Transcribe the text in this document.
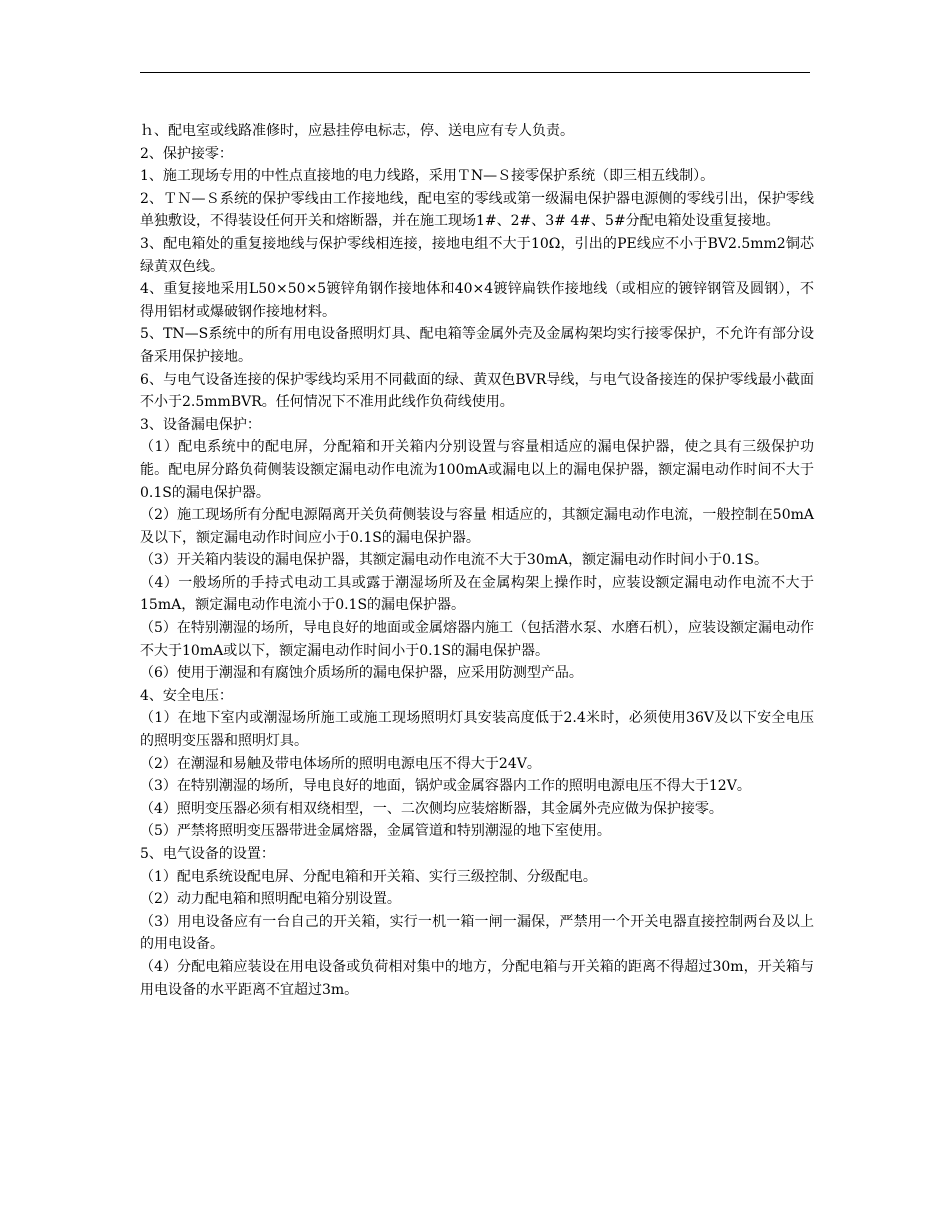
ｈ、配电室或线路准修时，应悬挂停电标志，停、送电应有专人负责。

2、保护接零：

1、施工现场专用的中性点直接地的电力线路，采用ＴN—Ｓ接零保护系统（即三相五线制）。

2、ＴＮ—Ｓ系统的保护零线由工作接地线，配电室的零线或第一级漏电保护器电源侧的零线引出，保护零线单独敷设，不得装设任何开关和熔断器，并在施工现场1#、2#、3# 4#、5#分配电箱处设重复接地。

3、配电箱处的重复接地线与保护零线相连接，接地电组不大于10Ω，引出的PE线应不小于BV2.5mm2铜芯绿黄双色线。

4、重复接地采用L50×50×5镀锌角钢作接地体和40×4镀锌扁铁作接地线（或相应的镀锌钢管及圆钢），不得用铝材或爆破钢作接地材料。

5、TN—S系统中的所有用电设备照明灯具、配电箱等金属外壳及金属构架均实行接零保护，不允许有部分设备采用保护接地。

6、与电气设备连接的保护零线均采用不同截面的绿、黄双色BVR导线，与电气设备接连的保护零线最小截面不小于2.5mmBVR。任何情况下不准用此线作负荷线使用。

3、设备漏电保护：

（1）配电系统中的配电屏，分配箱和开关箱内分别设置与容量相适应的漏电保护器，使之具有三级保护功能。配电屏分路负荷侧装设额定漏电动作电流为100mA或漏电以上的漏电保护器，额定漏电动作时间不大于0.1S的漏电保护器。

（2）施工现场所有分配电源隔离开关负荷侧装设与容量 相适应的，其额定漏电动作电流，一般控制在50mA及以下，额定漏电动作时间应小于0.1S的漏电保护器。

（3）开关箱内装设的漏电保护器，其额定漏电动作电流不大于30mA，额定漏电动作时间小于0.1S。

（4）一般场所的手持式电动工具或露于潮湿场所及在金属构架上操作时，应装设额定漏电动作电流不大于15mA，额定漏电动作电流小于0.1S的漏电保护器。

（5）在特别潮湿的场所，导电良好的地面或金属熔器内施工（包括潜水泵、水磨石机），应装设额定漏电动作不大于10mA或以下，额定漏电动作时间小于0.1S的漏电保护器。

（6）使用于潮湿和有腐蚀介质场所的漏电保护器，应采用防测型产品。

4、安全电压：

（1）在地下室内或潮湿场所施工或施工现场照明灯具安装高度低于2.4米时，必须使用36V及以下安全电压的照明变压器和照明灯具。

（2）在潮湿和易触及带电体场所的照明电源电压不得大于24V。

（3）在特别潮湿的场所，导电良好的地面，锅炉或金属容器内工作的照明电源电压不得大于12V。

（4）照明变压器必须有相双绕相型，一、二次侧均应装熔断器，其金属外壳应做为保护接零。

（5）严禁将照明变压器带进金属熔器，金属管道和特别潮湿的地下室使用。

5、电气设备的设置：

（1）配电系统设配电屏、分配电箱和开关箱、实行三级控制、分级配电。

（2）动力配电箱和照明配电箱分别设置。

（3）用电设备应有一台自己的开关箱，实行一机一箱一闸一漏保，严禁用一个开关电器直接控制两台及以上的用电设备。

（4）分配电箱应装设在用电设备或负荷相对集中的地方，分配电箱与开关箱的距离不得超过30m，开关箱与用电设备的水平距离不宜超过3m。
